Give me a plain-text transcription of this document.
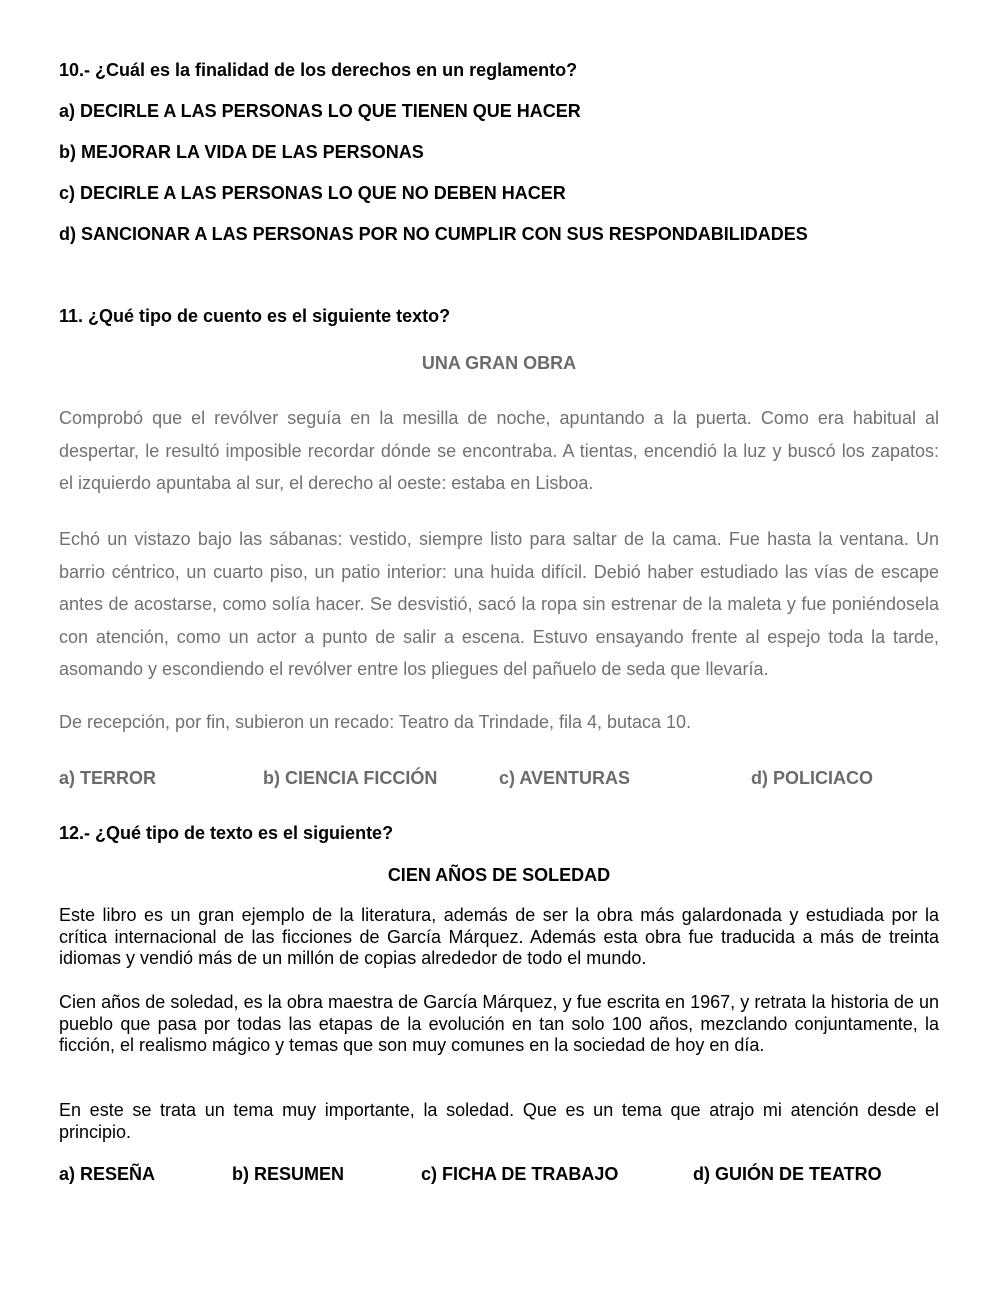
10.- ¿Cuál es la finalidad de los derechos en un reglamento?
a) DECIRLE A LAS PERSONAS LO QUE TIENEN QUE HACER
b) MEJORAR LA VIDA DE LAS PERSONAS
c) DECIRLE A LAS PERSONAS LO QUE NO DEBEN HACER
d) SANCIONAR A LAS PERSONAS POR NO CUMPLIR CON SUS RESPONDABILIDADES
11. ¿Qué tipo de cuento es el siguiente texto?
UNA GRAN OBRA
Comprobó que el revólver seguía en la mesilla de noche, apuntando a la puerta. Como era habitual al despertar, le resultó imposible recordar dónde se encontraba. A tientas, encendió la luz y buscó los zapatos: el izquierdo apuntaba al sur, el derecho al oeste: estaba en Lisboa.
Echó un vistazo bajo las sábanas: vestido, siempre listo para saltar de la cama. Fue hasta la ventana. Un barrio céntrico, un cuarto piso, un patio interior: una huida difícil. Debió haber estudiado las vías de escape antes de acostarse, como solía hacer. Se desvistió, sacó la ropa sin estrenar de la maleta y fue poniéndosela con atención, como un actor a punto de salir a escena. Estuvo ensayando frente al espejo toda la tarde, asomando y escondiendo el revólver entre los pliegues del pañuelo de seda que llevaría.
De recepción, por fin, subieron un recado: Teatro da Trindade, fila 4, butaca 10.
a) TERROR	b) CIENCIA FICCIÓN	c) AVENTURAS	d) POLICIACO
12.- ¿Qué tipo de texto es el siguiente?
CIEN AÑOS DE SOLEDAD
Este libro es un gran ejemplo de la literatura, además de ser la obra más galardonada y estudiada por la crítica internacional de las ficciones de García Márquez. Además esta obra fue traducida a más de treinta idiomas y vendió más de un millón de copias alrededor de todo el mundo.
Cien años de soledad, es la obra maestra de García Márquez, y fue escrita en 1967, y retrata la historia de un pueblo que pasa por todas las etapas de la evolución en tan solo 100 años, mezclando conjuntamente, la ficción, el realismo mágico y temas que son muy comunes en la sociedad de hoy en día.
En este se trata un tema muy importante, la soledad. Que es un tema que atrajo mi atención desde el principio.
a) RESEÑA	b) RESUMEN	c) FICHA DE TRABAJO	d) GUIÓN DE TEATRO
